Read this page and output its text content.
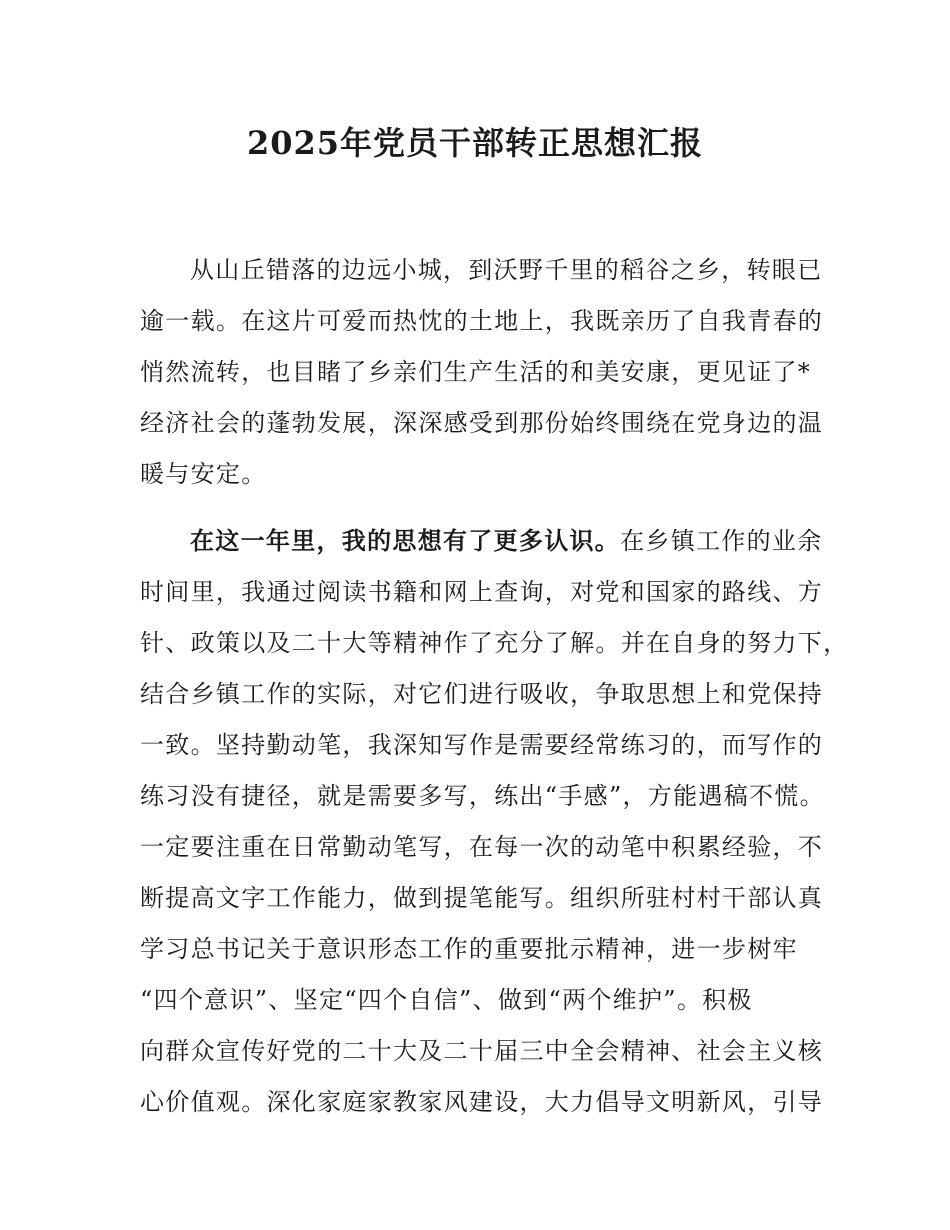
2025年党员干部转正思想汇报
从山丘错落的边远小城，到沃野千里的稻谷之乡，转眼已
逾一载。在这片可爱而热忱的土地上，我既亲历了自我青春的
悄然流转，也目睹了乡亲们生产生活的和美安康，更见证了*
经济社会的蓬勃发展，深深感受到那份始终围绕在党身边的温
暖与安定。
在这一年里，我的思想有了更多认识。在乡镇工作的业余
时间里，我通过阅读书籍和网上查询，对党和国家的路线、方
针、政策以及二十大等精神作了充分了解。并在自身的努力下，
结合乡镇工作的实际，对它们进行吸收，争取思想上和党保持
一致。坚持勤动笔，我深知写作是需要经常练习的，而写作的
练习没有捷径，就是需要多写，练出“手感”，方能遇稿不慌。
一定要注重在日常勤动笔写，在每一次的动笔中积累经验，不
断提高文字工作能力，做到提笔能写。组织所驻村村干部认真
学习总书记关于意识形态工作的重要批示精神，进一步树牢
“四个意识”、坚定“四个自信”、做到“两个维护”。积极
向群众宣传好党的二十大及二十届三中全会精神、社会主义核
心价值观。深化家庭家教家风建设，大力倡导文明新风，引导
